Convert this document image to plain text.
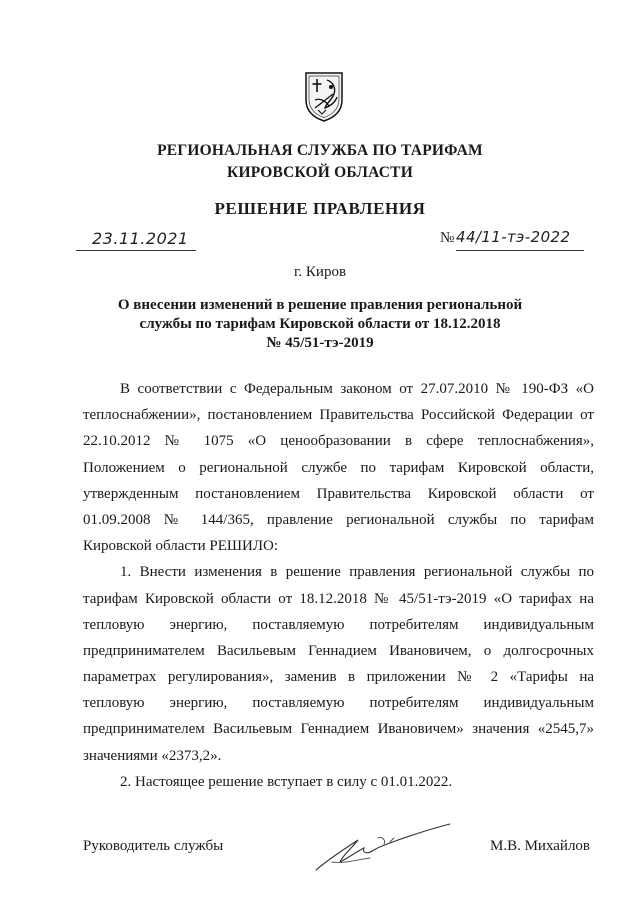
РЕГИОНАЛЬНАЯ СЛУЖБА ПО ТАРИФАМ
КИРОВСКОЙ ОБЛАСТИ
РЕШЕНИЕ ПРАВЛЕНИЯ
23.11.2021	№ 44/11-тэ-2022
г. Киров
О внесении изменений в решение правления региональной
службы по тарифам Кировской области от 18.12.2018
№ 45/51-тэ-2019
В соответствии с Федеральным законом от 27.07.2010 № 190-ФЗ «О
теплоснабжении», постановлением Правительства Российской Федерации от
22.10.2012 № 1075 «О ценообразовании в сфере теплоснабжения»,
Положением о региональной службе по тарифам Кировской области,
утвержденным постановлением Правительства Кировской области от
01.09.2008 № 144/365, правление региональной службы по тарифам
Кировской области РЕШИЛО:
1. Внести изменения в решение правления региональной службы по
тарифам Кировской области от 18.12.2018 № 45/51-тэ-2019 «О тарифах на
тепловую энергию, поставляемую потребителям индивидуальным
предпринимателем Васильевым Геннадием Ивановичем, о долгосрочных
параметрах регулирования», заменив в приложении № 2 «Тарифы на
тепловую энергию, поставляемую потребителям индивидуальным
предпринимателем Васильевым Геннадием Ивановичем» значения «2545,7»
значениями «2373,2».
2. Настоящее решение вступает в силу с 01.01.2022.
Руководитель службы	М.В. Михайлов
